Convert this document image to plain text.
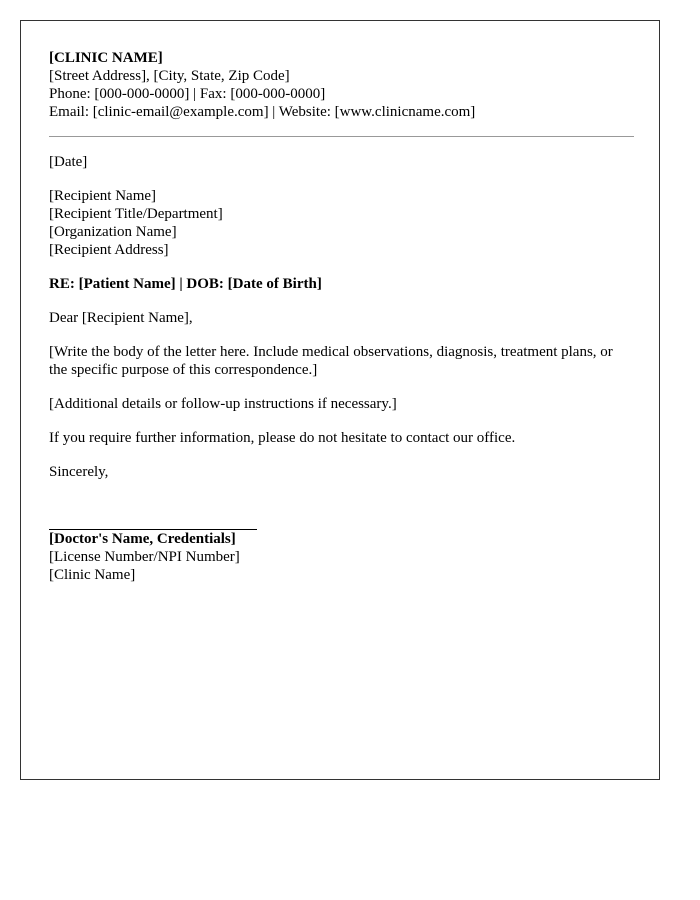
[CLINIC NAME]
[Street Address], [City, State, Zip Code]
Phone: [000-000-0000] | Fax: [000-000-0000]
Email: [clinic-email@example.com] | Website: [www.clinicname.com]
[Date]
[Recipient Name]
[Recipient Title/Department]
[Organization Name]
[Recipient Address]
RE: [Patient Name] | DOB: [Date of Birth]
Dear [Recipient Name],

[Write the body of the letter here. Include medical observations, diagnosis, treatment plans, or the specific purpose of this correspondence.]

[Additional details or follow-up instructions if necessary.]

If you require further information, please do not hesitate to contact our office.

Sincerely,
[Doctor's Name, Credentials]
[License Number/NPI Number]
[Clinic Name]
